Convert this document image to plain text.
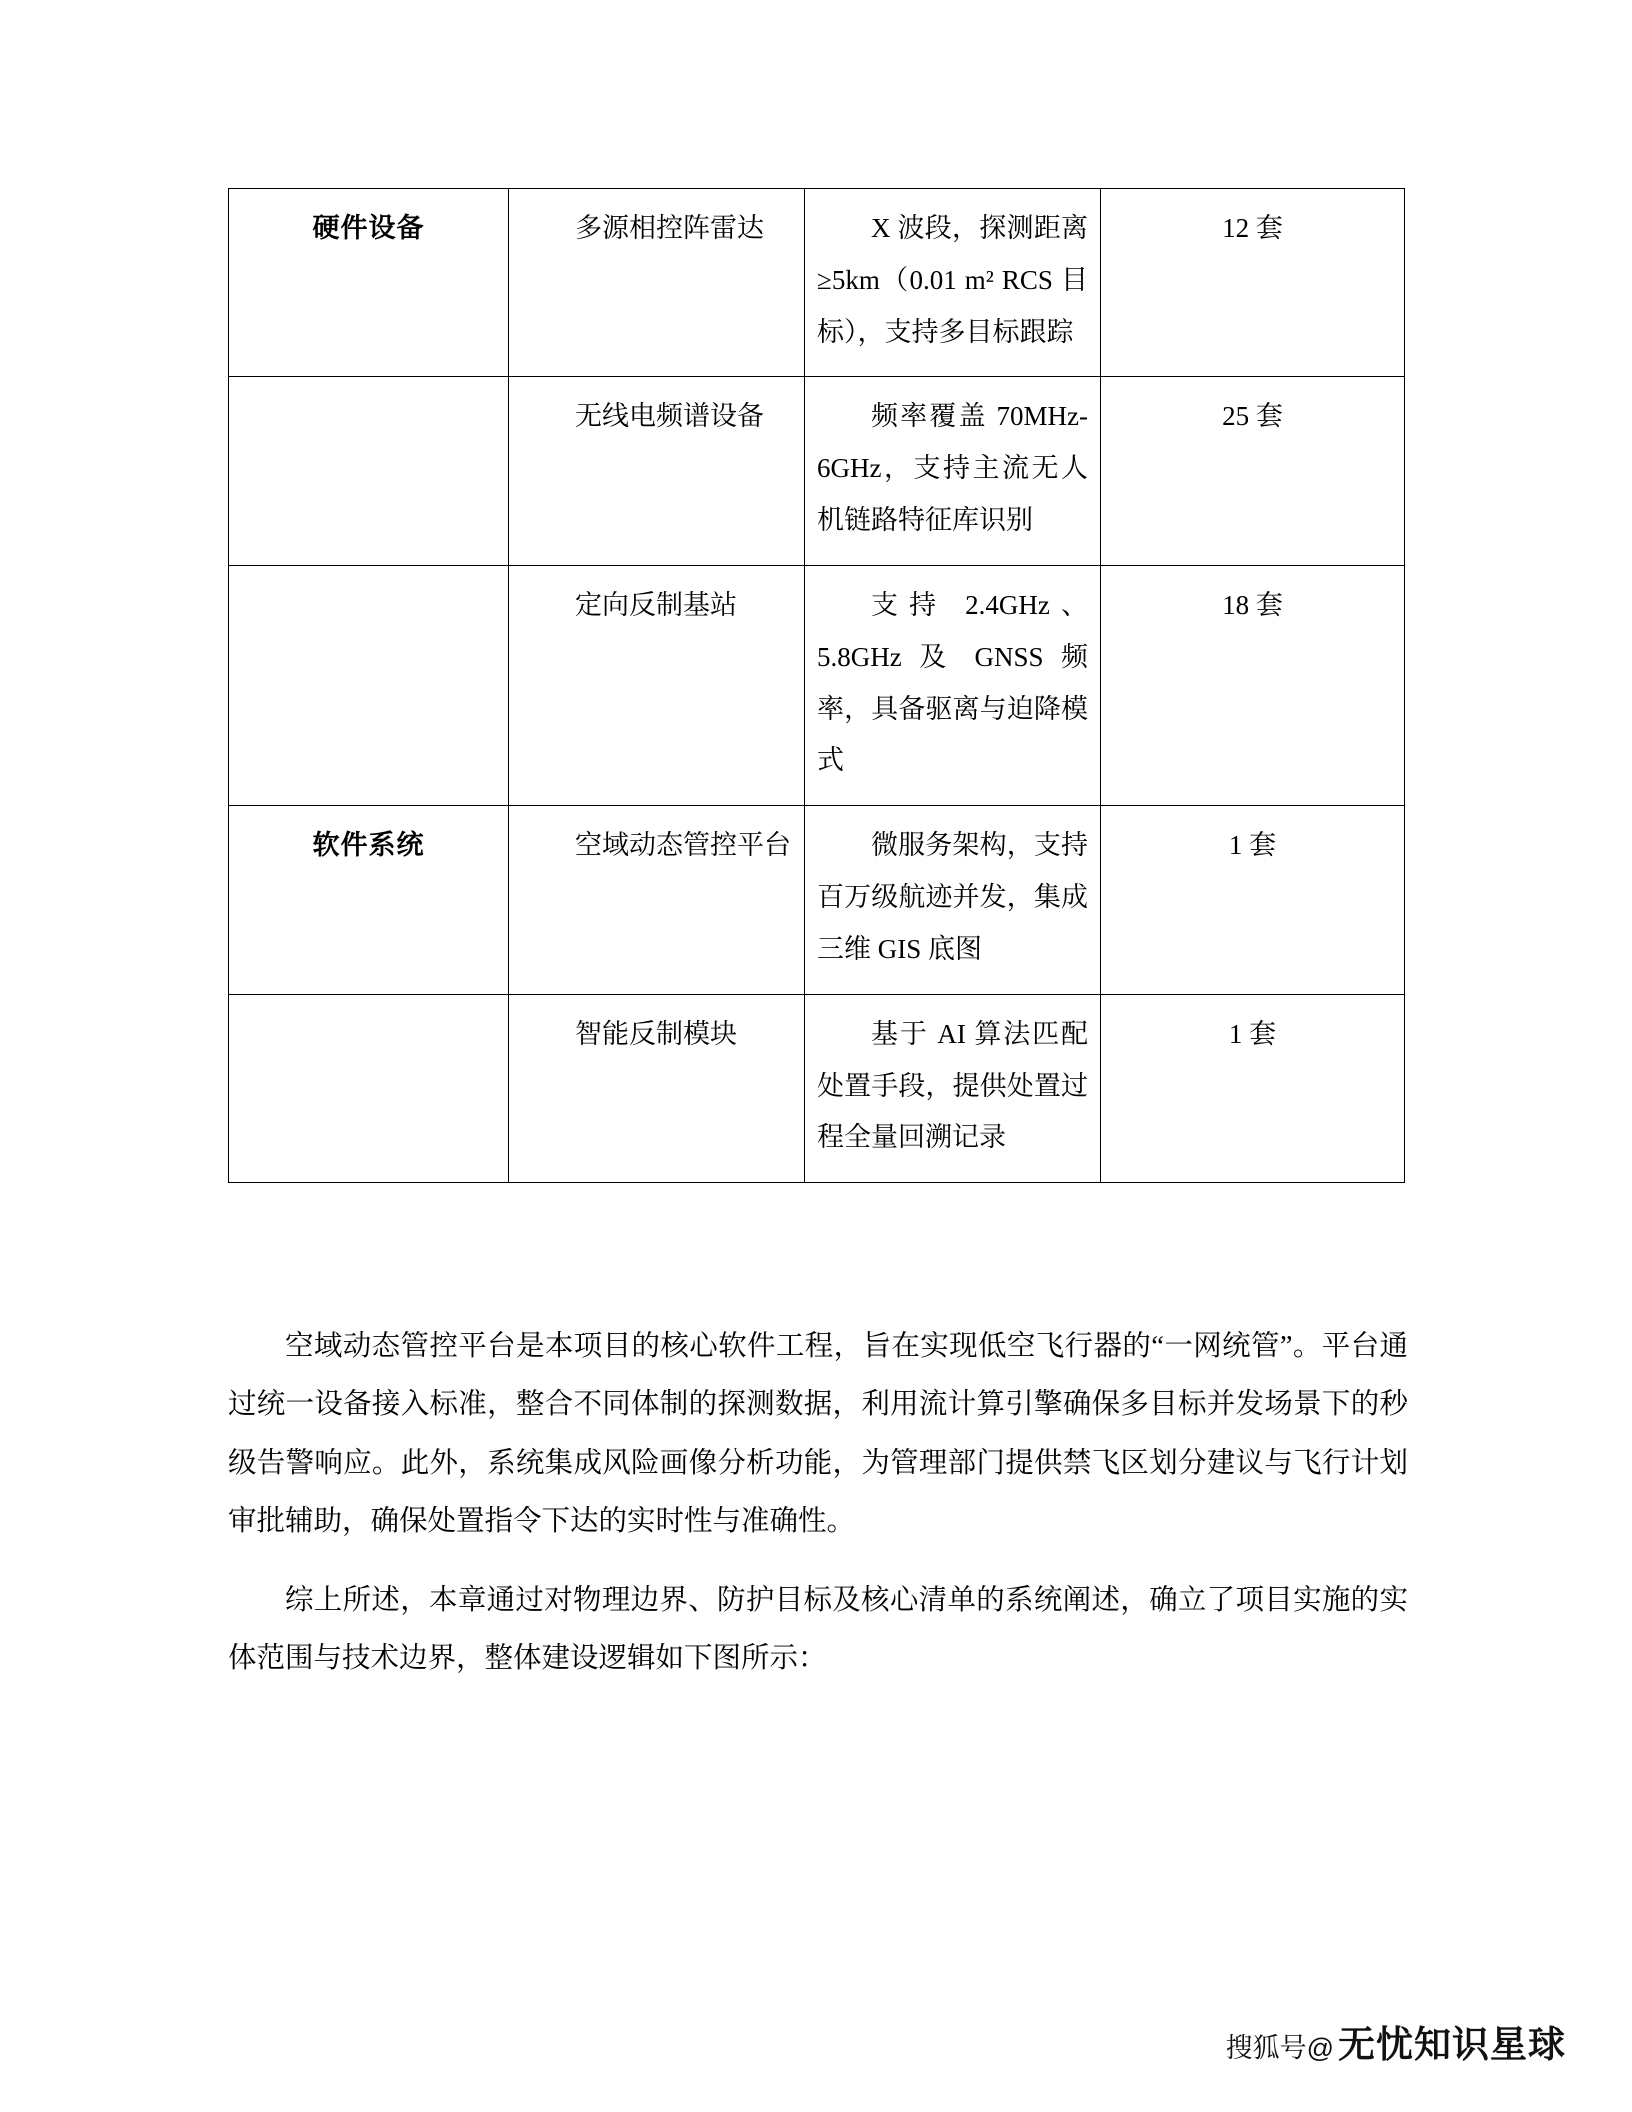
硬件设备	多源相控阵雷达	X 波段，探测距离≥5km（0.01 m² RCS 目标），支持多目标跟踪	12 套
	无线电频谱设备	频率覆盖 70MHz-6GHz，支持主流无人机链路特征库识别	25 套
	定向反制基站	支持 2.4GHz、5.8GHz 及 GNSS 频率，具备驱离与迫降模式	18 套
软件系统	空域动态管控平台	微服务架构，支持百万级航迹并发，集成三维 GIS 底图	1 套
	智能反制模块	基于 AI 算法匹配处置手段，提供处置过程全量回溯记录	1 套

空域动态管控平台是本项目的核心软件工程，旨在实现低空飞行器的“一网统管”。平台通过统一设备接入标准，整合不同体制的探测数据，利用流计算引擎确保多目标并发场景下的秒级告警响应。此外，系统集成风险画像分析功能，为管理部门提供禁飞区划分建议与飞行计划审批辅助，确保处置指令下达的实时性与准确性。

综上所述，本章通过对物理边界、防护目标及核心清单的系统阐述，确立了项目实施的实体范围与技术边界，整体建设逻辑如下图所示：

搜狐号@ 无忧知识星球
